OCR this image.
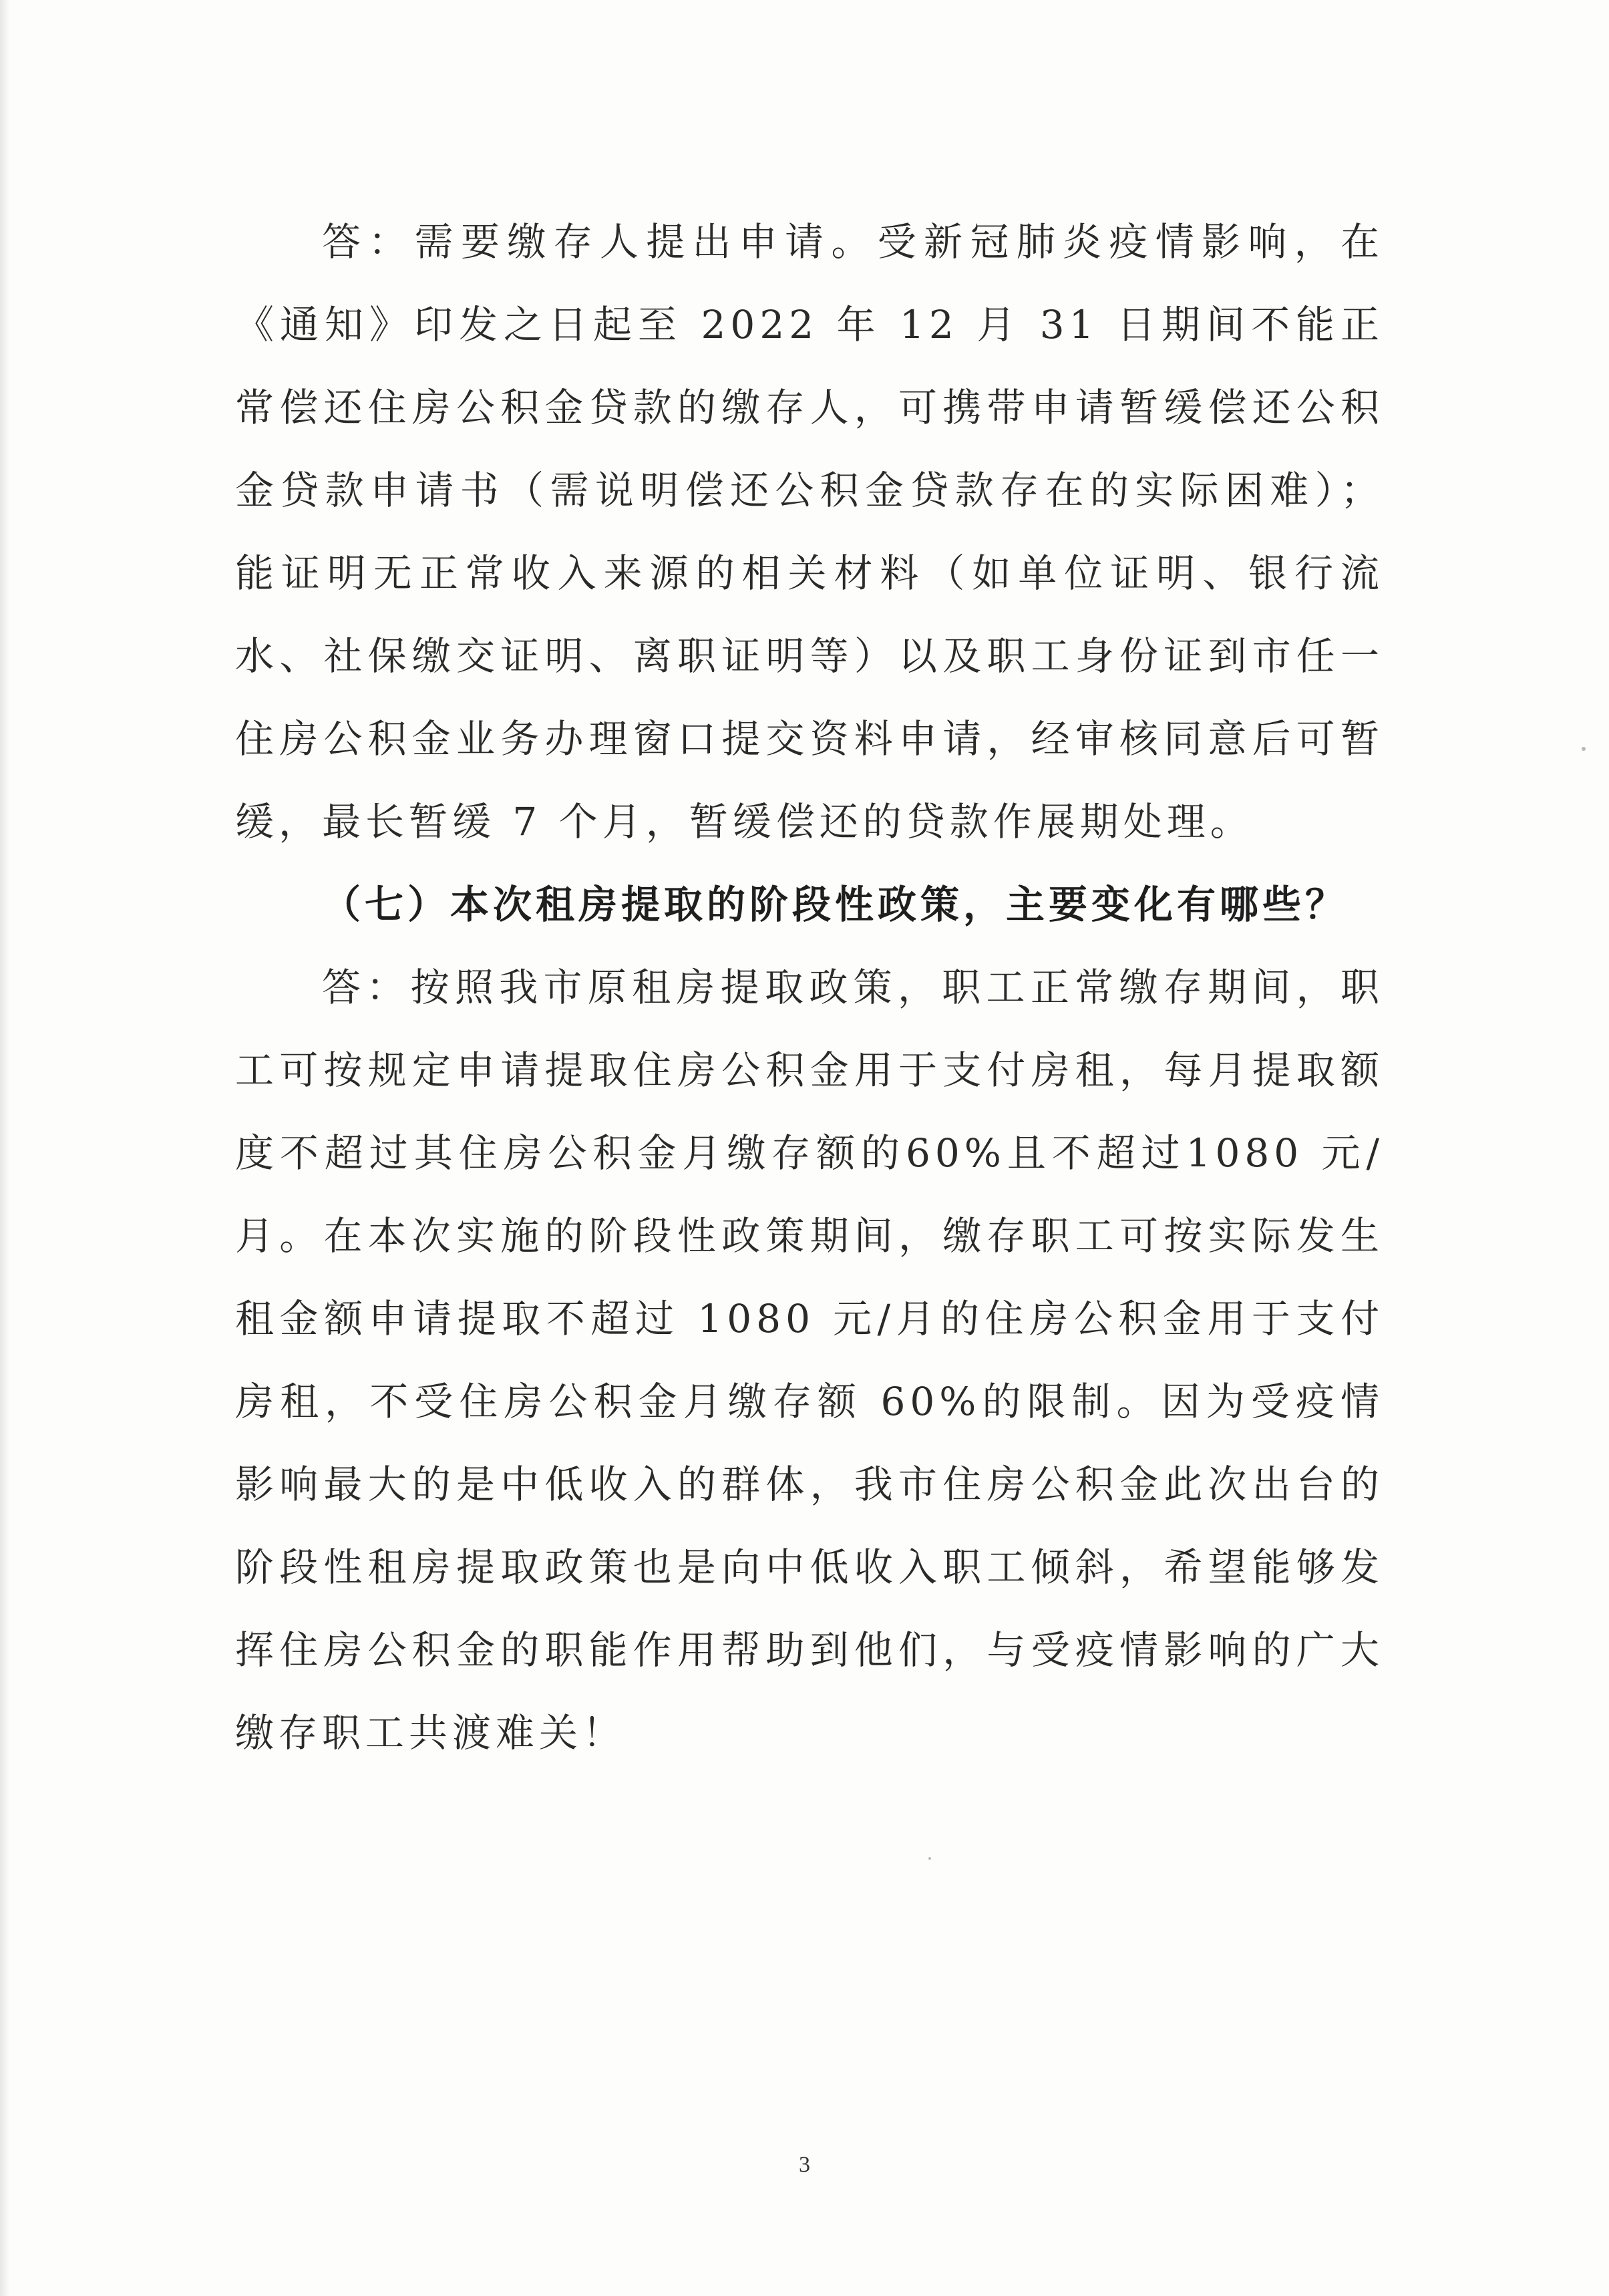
答：需要缴存人提出申请。受新冠肺炎疫情影响，在《通知》印发之日起至 2022 年 12 月 31 日期间不能正常偿还住房公积金贷款的缴存人，可携带申请暂缓偿还公积金贷款申请书（需说明偿还公积金贷款存在的实际困难）；能证明无正常收入来源的相关材料（如单位证明、银行流水、社保缴交证明、离职证明等）以及职工身份证到市任一住房公积金业务办理窗口提交资料申请，经审核同意后可暂缓，最长暂缓 7 个月，暂缓偿还的贷款作展期处理。

（七）本次租房提取的阶段性政策，主要变化有哪些？

答：按照我市原租房提取政策，职工正常缴存期间，职工可按规定申请提取住房公积金用于支付房租，每月提取额度不超过其住房公积金月缴存额的60%且不超过1080 元/月。在本次实施的阶段性政策期间，缴存职工可按实际发生租金额申请提取不超过 1080 元/月的住房公积金用于支付房租，不受住房公积金月缴存额 60%的限制。因为受疫情影响最大的是中低收入的群体，我市住房公积金此次出台的阶段性租房提取政策也是向中低收入职工倾斜，希望能够发挥住房公积金的职能作用帮助到他们，与受疫情影响的广大缴存职工共渡难关！

3
